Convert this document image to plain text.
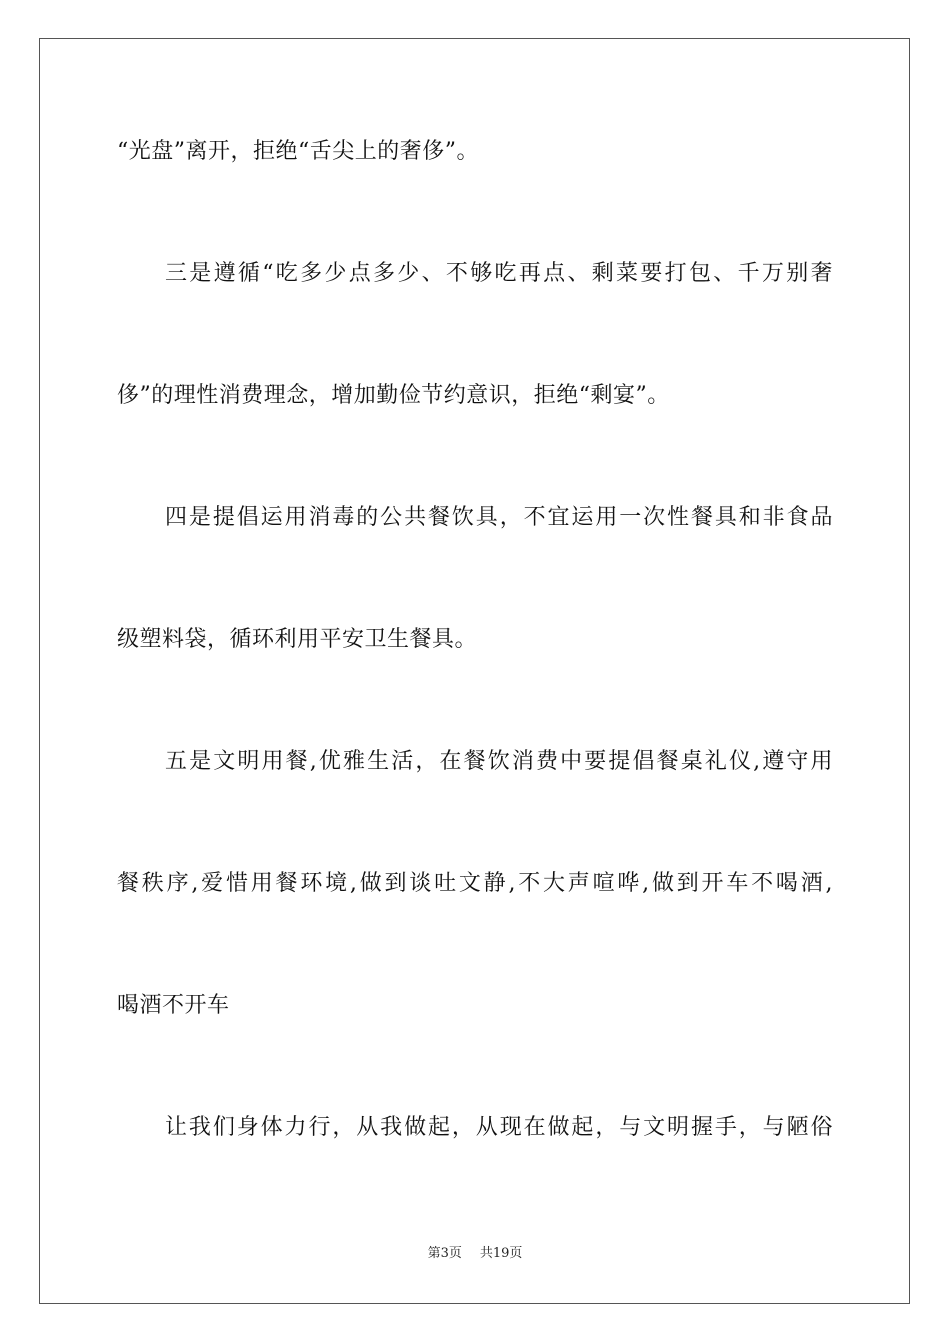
“光盘”离开，拒绝“舌尖上的奢侈”。
三是遵循“吃多少点多少、不够吃再点、剩菜要打包、千万别奢
侈”的理性消费理念，增加勤俭节约意识，拒绝“剩宴”。
四是提倡运用消毒的公共餐饮具，不宜运用一次性餐具和非食品
级塑料袋，循环利用平安卫生餐具。
五是文明用餐,优雅生活，在餐饮消费中要提倡餐桌礼仪,遵守用
餐秩序,爱惜用餐环境,做到谈吐文静,不大声喧哗,做到开车不喝酒,
喝酒不开车
让我们身体力行，从我做起，从现在做起，与文明握手，与陋俗
第3页 共19页
